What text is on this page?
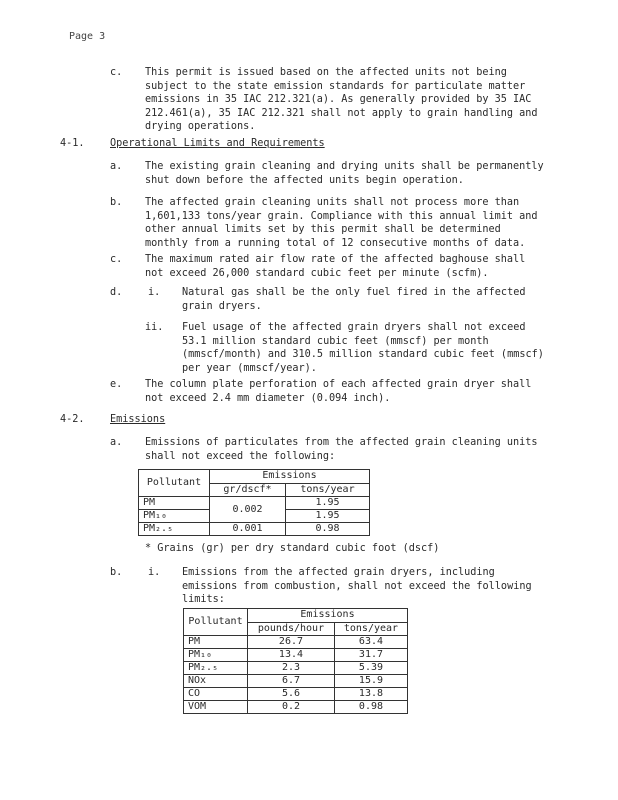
Page 3
c. This permit is issued based on the affected units not being
subject to the state emission standards for particulate matter
emissions in 35 IAC 212.321(a). As generally provided by 35 IAC
212.461(a), 35 IAC 212.321 shall not apply to grain handling and
drying operations.
4-1. Operational Limits and Requirements
a. The existing grain cleaning and drying units shall be permanently
shut down before the affected units begin operation.
b. The affected grain cleaning units shall not process more than
1,601,133 tons/year grain. Compliance with this annual limit and
other annual limits set by this permit shall be determined
monthly from a running total of 12 consecutive months of data.
c. The maximum rated air flow rate of the affected baghouse shall
not exceed 26,000 standard cubic feet per minute (scfm).
d.	i. Natural gas shall be the only fuel fired in the affected
grain dryers.
ii. Fuel usage of the affected grain dryers shall not exceed
53.1 million standard cubic feet (mmscf) per month
(mmscf/month) and 310.5 million standard cubic feet (mmscf)
per year (mmscf/year).
e. The column plate perforation of each affected grain dryer shall
not exceed 2.4 mm diameter (0.094 inch).
4-2. Emissions
a. Emissions of particulates from the affected grain cleaning units
shall not exceed the following:
Pollutant	Emissions	
	gr/dscf*	tons/year
PM	0.002	1.95
PM₁₀		1.95
PM₂.₅	0.001	0.98
* Grains (gr) per dry standard cubic foot (dscf)
b.	i. Emissions from the affected grain dryers, including
emissions from combustion, shall not exceed the following
limits:
Pollutant	Emissions	
	pounds/hour	tons/year
PM	26.7	63.4
PM₁₀	13.4	31.7
PM₂.₅	2.3	5.39
NOx	6.7	15.9
CO	5.6	13.8
VOM	0.2	0.98
